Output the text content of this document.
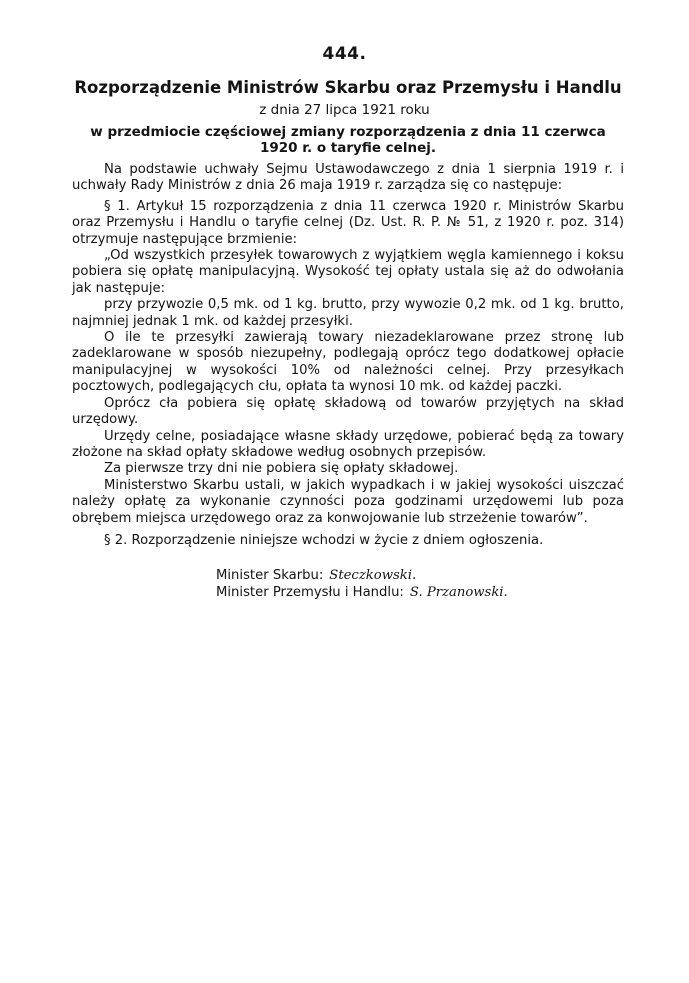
444.
Rozporządzenie Ministrów Skarbu oraz Przemysłu i Handlu
z dnia 27 lipca 1921 roku
w przedmiocie częściowej zmiany rozporządzenia z dnia 11 czerwca 1920 r. o taryfie celnej.

Na podstawie uchwały Sejmu Ustawodawczego z dnia 1 sierpnia 1919 r. i uchwały Rady Ministrów z dnia 26 maja 1919 r. zarządza się co następuje:

§ 1. Artykuł 15 rozporządzenia z dnia 11 czerwca 1920 r. Ministrów Skarbu oraz Przemysłu i Handlu o taryfie celnej (Dz. Ust. R. P. № 51, z 1920 r. poz. 314) otrzymuje następujące brzmienie:

„Od wszystkich przesyłek towarowych z wyjątkiem węgla kamiennego i koksu pobiera się opłatę manipulacyjną. Wysokość tej opłaty ustala się aż do odwołania jak następuje:

przy przywozie 0,5 mk. od 1 kg. brutto, przy wywozie 0,2 mk. od 1 kg. brutto, najmniej jednak 1 mk. od każdej przesyłki.

O ile te przesyłki zawierają towary niezadeklarowane przez stronę lub zadeklarowane w sposób niezupełny, podlegają oprócz tego dodatkowej opłacie manipulacyjnej w wysokości 10% od należności celnej. Przy przesyłkach pocztowych, podlegających cłu, opłata ta wynosi 10 mk. od każdej paczki.

Oprócz cła pobiera się opłatę składową od towarów przyjętych na skład urzędowy.

Urzędy celne, posiadające własne składy urzędowe, pobierać będą za towary złożone na skład opłaty składowe według osobnych przepisów.

Za pierwsze trzy dni nie pobiera się opłaty składowej.

Ministerstwo Skarbu ustali, w jakich wypadkach i w jakiej wysokości uiszczać należy opłatę za wykonanie czynności poza godzinami urzędowemi lub poza obrębem miejsca urzędowego oraz za konwojowanie lub strzeżenie towarów”.

§ 2. Rozporządzenie niniejsze wchodzi w życie z dniem ogłoszenia.

Minister Skarbu: Steczkowski.
Minister Przemysłu i Handlu: S. Przanowski.
